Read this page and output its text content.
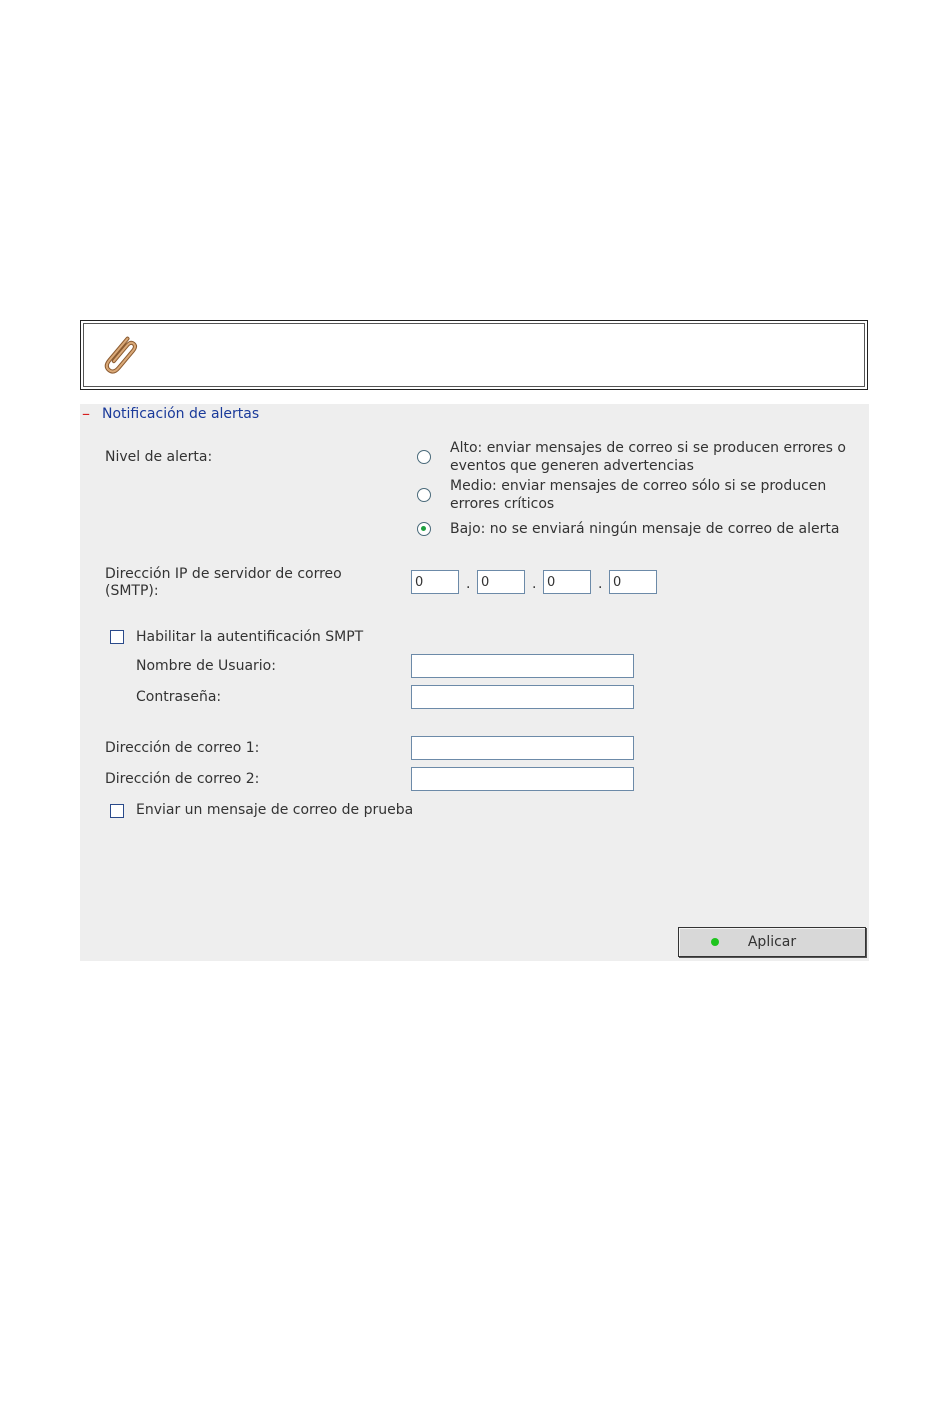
– Notificación de alertas
Nivel de alerta:
Alto: enviar mensajes de correo si se producen errores o
eventos que generen advertencias
Medio: enviar mensajes de correo sólo si se producen
errores críticos
Bajo: no se enviará ningún mensaje de correo de alerta
Dirección IP de servidor de correo
(SMTP):
0	.
0	.
0	.
0
Habilitar la autentificación SMPT
Nombre de Usuario:
Contraseña:
Dirección de correo 1:
Dirección de correo 2:
Enviar un mensaje de correo de prueba
Aplicar
